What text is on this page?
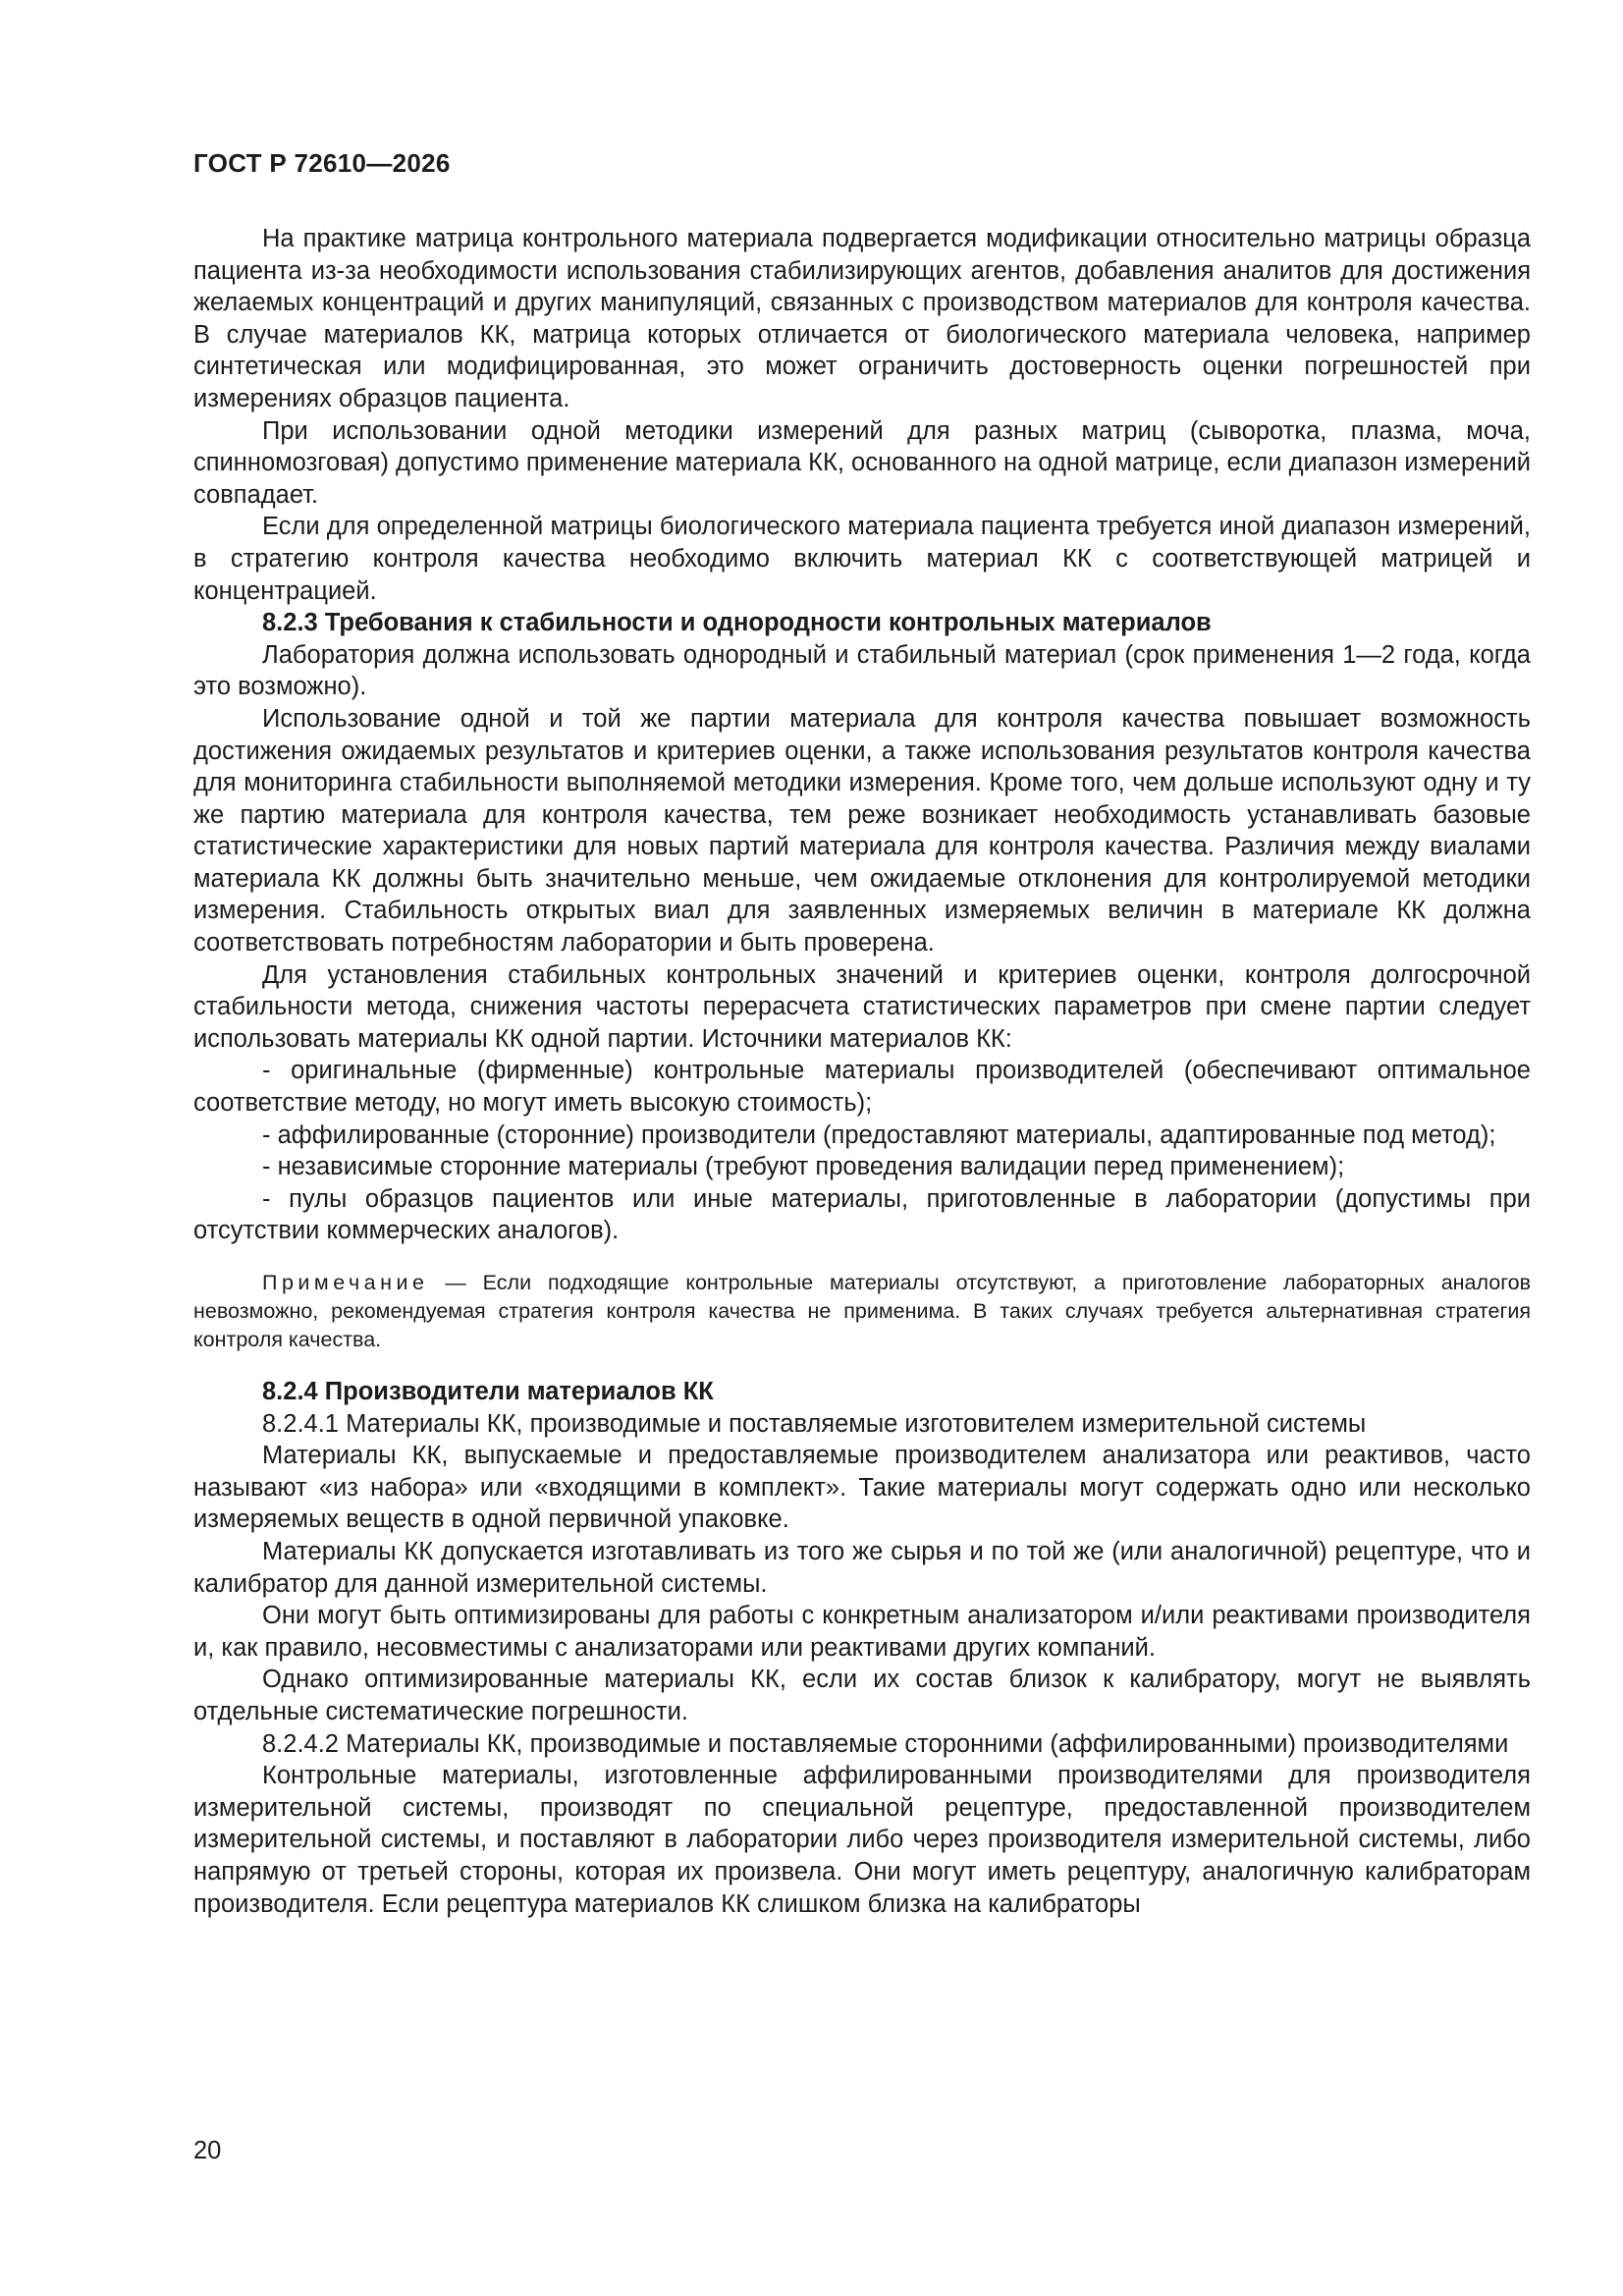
ГОСТ Р 72610—2026

На практике матрица контрольного материала подвергается модификации относительно матрицы образца пациента из-за необходимости использования стабилизирующих агентов, добавления аналитов для достижения желаемых концентраций и других манипуляций, связанных с производством материалов для контроля качества. В случае материалов КК, матрица которых отличается от биологического материала человека, например синтетическая или модифицированная, это может ограничить достоверность оценки погрешностей при измерениях образцов пациента.

При использовании одной методики измерений для разных матриц (сыворотка, плазма, моча, спинномозговая) допустимо применение материала КК, основанного на одной матрице, если диапазон измерений совпадает.

Если для определенной матрицы биологического материала пациента требуется иной диапазон измерений, в стратегию контроля качества необходимо включить материал КК с соответствующей матрицей и концентрацией.

8.2.3 Требования к стабильности и однородности контрольных материалов

Лаборатория должна использовать однородный и стабильный материал (срок применения 1—2 года, когда это возможно).

Использование одной и той же партии материала для контроля качества повышает возможность достижения ожидаемых результатов и критериев оценки, а также использования результатов контроля качества для мониторинга стабильности выполняемой методики измерения. Кроме того, чем дольше используют одну и ту же партию материала для контроля качества, тем реже возникает необходимость устанавливать базовые статистические характеристики для новых партий материала для контроля качества. Различия между виалами материала КК должны быть значительно меньше, чем ожидаемые отклонения для контролируемой методики измерения. Стабильность открытых виал для заявленных измеряемых величин в материале КК должна соответствовать потребностям лаборатории и быть проверена.

Для установления стабильных контрольных значений и критериев оценки, контроля долгосрочной стабильности метода, снижения частоты перерасчета статистических параметров при смене партии следует использовать материалы КК одной партии. Источники материалов КК:

- оригинальные (фирменные) контрольные материалы производителей (обеспечивают оптимальное соответствие методу, но могут иметь высокую стоимость);

- аффилированные (сторонние) производители (предоставляют материалы, адаптированные под метод);

- независимые сторонние материалы (требуют проведения валидации перед применением);

- пулы образцов пациентов или иные материалы, приготовленные в лаборатории (допустимы при отсутствии коммерческих аналогов).

Примечание — Если подходящие контрольные материалы отсутствуют, а приготовление лабораторных аналогов невозможно, рекомендуемая стратегия контроля качества не применима. В таких случаях требуется альтернативная стратегия контроля качества.

8.2.4 Производители материалов КК

8.2.4.1 Материалы КК, производимые и поставляемые изготовителем измерительной системы

Материалы КК, выпускаемые и предоставляемые производителем анализатора или реактивов, часто называют «из набора» или «входящими в комплект». Такие материалы могут содержать одно или несколько измеряемых веществ в одной первичной упаковке.

Материалы КК допускается изготавливать из того же сырья и по той же (или аналогичной) рецептуре, что и калибратор для данной измерительной системы.

Они могут быть оптимизированы для работы с конкретным анализатором и/или реактивами производителя и, как правило, несовместимы с анализаторами или реактивами других компаний.

Однако оптимизированные материалы КК, если их состав близок к калибратору, могут не выявлять отдельные систематические погрешности.

8.2.4.2 Материалы КК, производимые и поставляемые сторонними (аффилированными) производителями

Контрольные материалы, изготовленные аффилированными производителями для производителя измерительной системы, производят по специальной рецептуре, предоставленной производителем измерительной системы, и поставляют в лаборатории либо через производителя измерительной системы, либо напрямую от третьей стороны, которая их произвела. Они могут иметь рецептуру, аналогичную калибраторам производителя. Если рецептура материалов КК слишком близка на калибраторы

20
